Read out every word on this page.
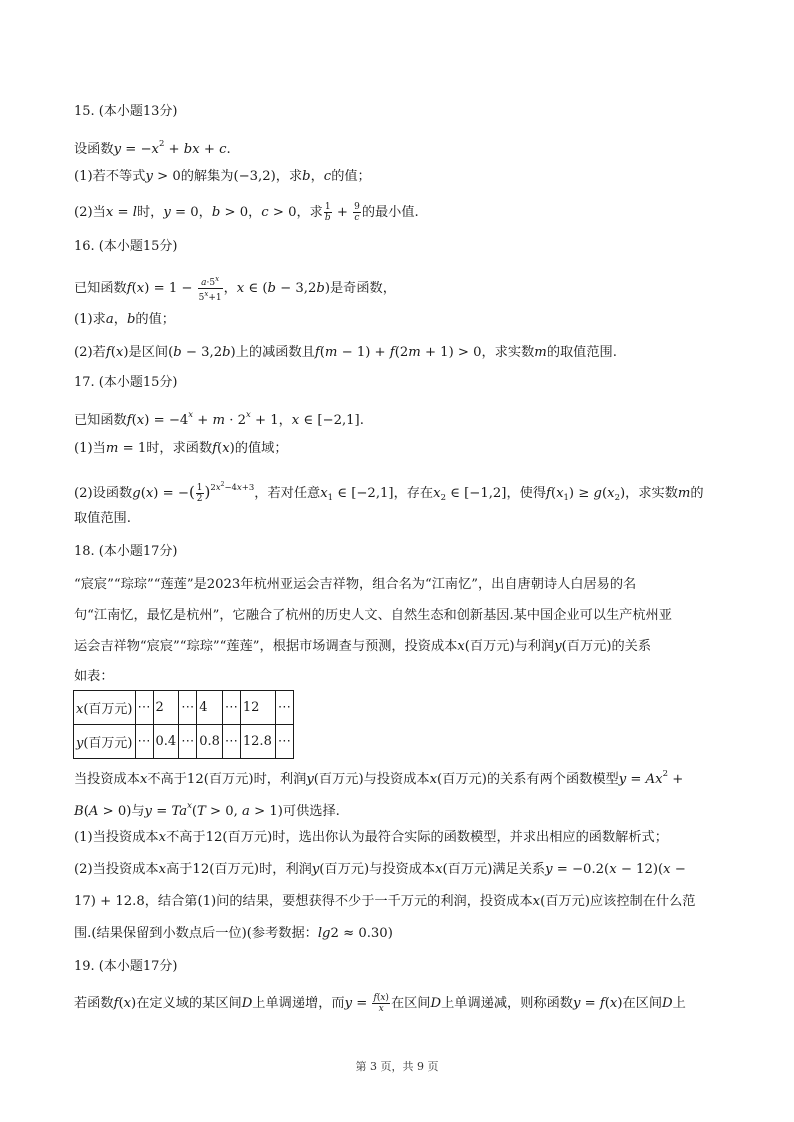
15. (本小题13分)
设函数$y = -x^2$ + bx + c.
(1)若不等式y > 0的解集为(−3,2)，求b，c的值；
(2)当x = l时，y = 0，b > 0，c > 0，求 $\frac{1}{b} + \frac{9}{c}$ 的最小值.
16. (本小题15分)
已知函数$f(x) = 1 - \frac{a\cdot 5^x}{5^x+1}$ ，x ∈ (b − 3,2b)是奇函数，
(1)求a，b的值；
(2)若f(x)是区间(b − 3,2b)上的减函数且f(m − 1) + f(2m + 1) > 0，求实数m的取值范围.
17. (本小题15分)
已知函数$f(x) = -4^x + m \cdot 2^x + 1$，x ∈ [−2,1].
(1)当m = 1时，求函数f(x)的值域；
(2)设函数g(x) = −( $\frac{1}{2} )^{2x^2-4x+3}$，若对任意$x_1$ ∈ [−2,1]，存在$x_2$ ∈ [−1,2]，使得$f(x_1) \ge g(x_2)$，求实数m的
取值范围.
18. (本小题17分)
“宸宸”“琮琮”“莲莲”是2023年杭州亚运会吉祥物，组合名为“江南忆”，出自唐朝诗人白居易的名
句“江南忆，最忆是杭州”，它融合了杭州的历史人文、自然生态和创新基因.某中国企业可以生产杭州亚
运会吉祥物“宸宸”“琮琮”“莲莲”，根据市场调查与预测，投资成本x(百万元)与利润y(百万元)的关系
如表：
x(百万元)	⋯	2	⋯	4	⋯	12	⋯
y(百万元)	⋯	0.4	⋯	0.8	⋯	12.8	⋯
当投资成本x不高于12(百万元)时，利润y(百万元)与投资成本x(百万元)的关系有两个函数模型$y = Ax^2$ +
B(A > 0)与$y = Ta^x(T > 0$, a > 1)可供选择.
(1)当投资成本x不高于12(百万元)时，选出你认为最符合实际的函数模型，并求出相应的函数解析式；
(2)当投资成本x高于12(百万元)时，利润y(百万元)与投资成本x(百万元)满足关系y = −0.2(x − 12)(x −
17) + 12.8，结合第(1)问的结果，要想获得不少于一千万元的利润，投资成本x(百万元)应该控制在什么范
围.(结果保留到小数点后一位)(参考数据：lg2 ≈ 0.30)
19. (本小题17分)
若函数f(x)在定义域的某区间D上单调递增，而$y = \frac{f(x)}{x}$ 在区间D上单调递减，则称函数y = f(x)在区间D上
第 3 页，共 9 页
